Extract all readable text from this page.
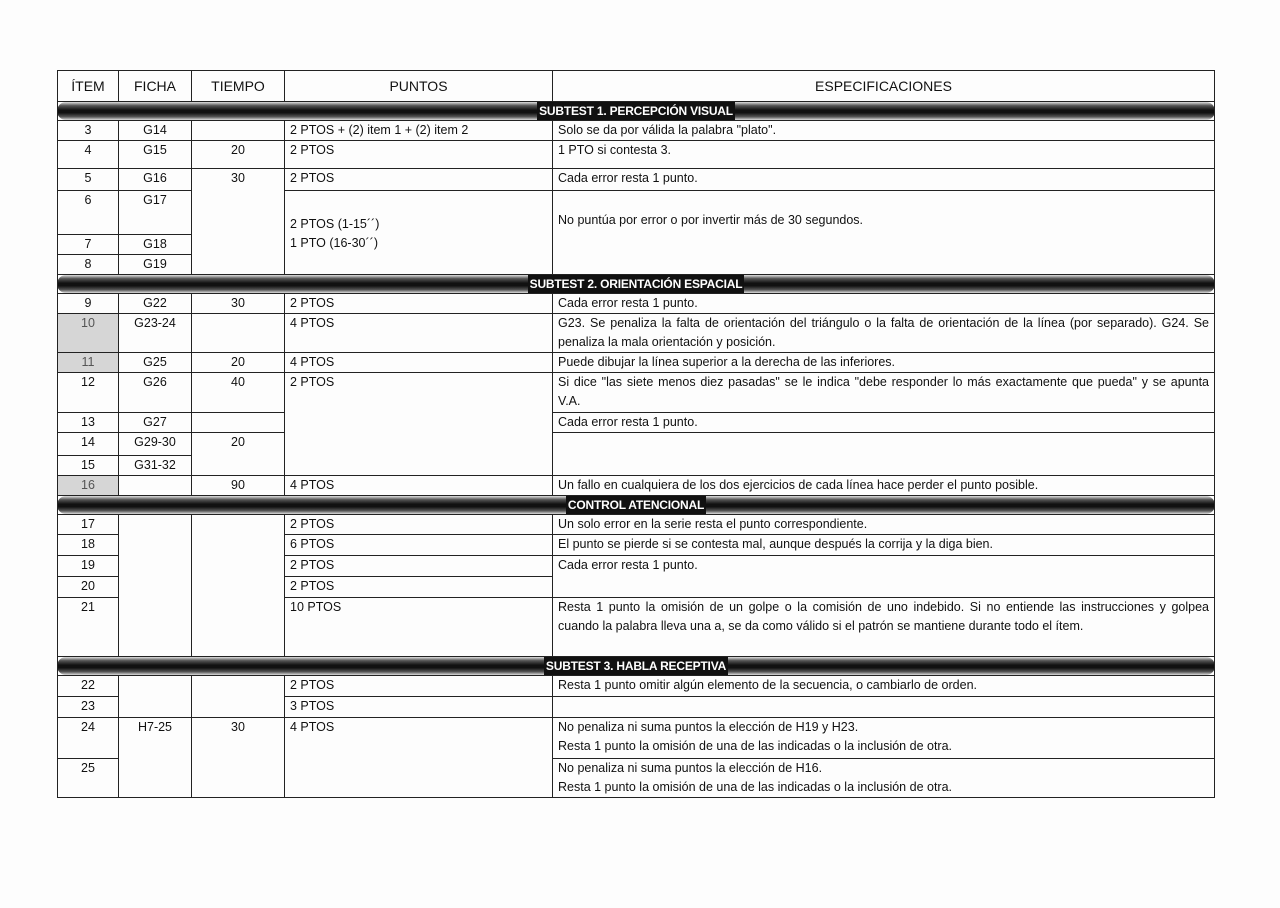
ÍTEM	FICHA	TIEMPO	PUNTOS	ESPECIFICACIONES

SUBTEST 1. PERCEPCIÓN VISUAL				

3	G14		2 PTOS + (2) item 1 + (2) item 2	Solo se da por válida la palabra "plato".
4	G15	20	2 PTOS	1 PTO si contesta 3.
5	G16	30	2 PTOS	Cada error resta 1 punto.
6	G17		2 PTOS (1-15´´)
1 PTO (16-30´´)	No puntúa por error o por invertir más de 30 segundos.
7	G18			
8	G19			

SUBTEST 2. ORIENTACIÓN ESPACIAL				

9	G22	30	2 PTOS	Cada error resta 1 punto.
10	G23-24		4 PTOS	G23. Se penaliza la falta de orientación del triángulo o la falta de orientación de la línea (por separado). G24. Se penaliza la mala orientación y posición.
11	G25	20	4 PTOS	Puede dibujar la línea superior a la derecha de las inferiores.
12	G26	40	2 PTOS	Si dice "las siete menos diez pasadas" se le indica "debe responder lo más exactamente que pueda" y se apunta V.A.
13	G27			Cada error resta 1 punto.
14	G29-30	20		
15	G31-32			
16		90	4 PTOS	Un fallo en cualquiera de los dos ejercicios de cada línea hace perder el punto posible.

CONTROL ATENCIONAL				

17			2 PTOS	Un solo error en la serie resta el punto correspondiente.
18			6 PTOS	El punto se pierde si se contesta mal, aunque después la corrija y la diga bien.
19			2 PTOS	Cada error resta 1 punto.
20			2 PTOS	
21			10 PTOS	Resta 1 punto la omisión de un golpe o la comisión de uno indebido. Si no entiende las instrucciones y golpea cuando la palabra lleva una a, se da como válido si el patrón se mantiene durante todo el ítem.

SUBTEST 3. HABLA RECEPTIVA				

22			2 PTOS	Resta 1 punto omitir algún elemento de la secuencia, o cambiarlo de orden.
23			3 PTOS	
24	H7-25	30	4 PTOS	No penaliza ni suma puntos la elección de H19 y H23.
Resta 1 punto la omisión de una de las indicadas o la inclusión de otra.

25				No penaliza ni suma puntos la elección de H16.
Resta 1 punto la omisión de una de las indicadas o la inclusión de otra.
